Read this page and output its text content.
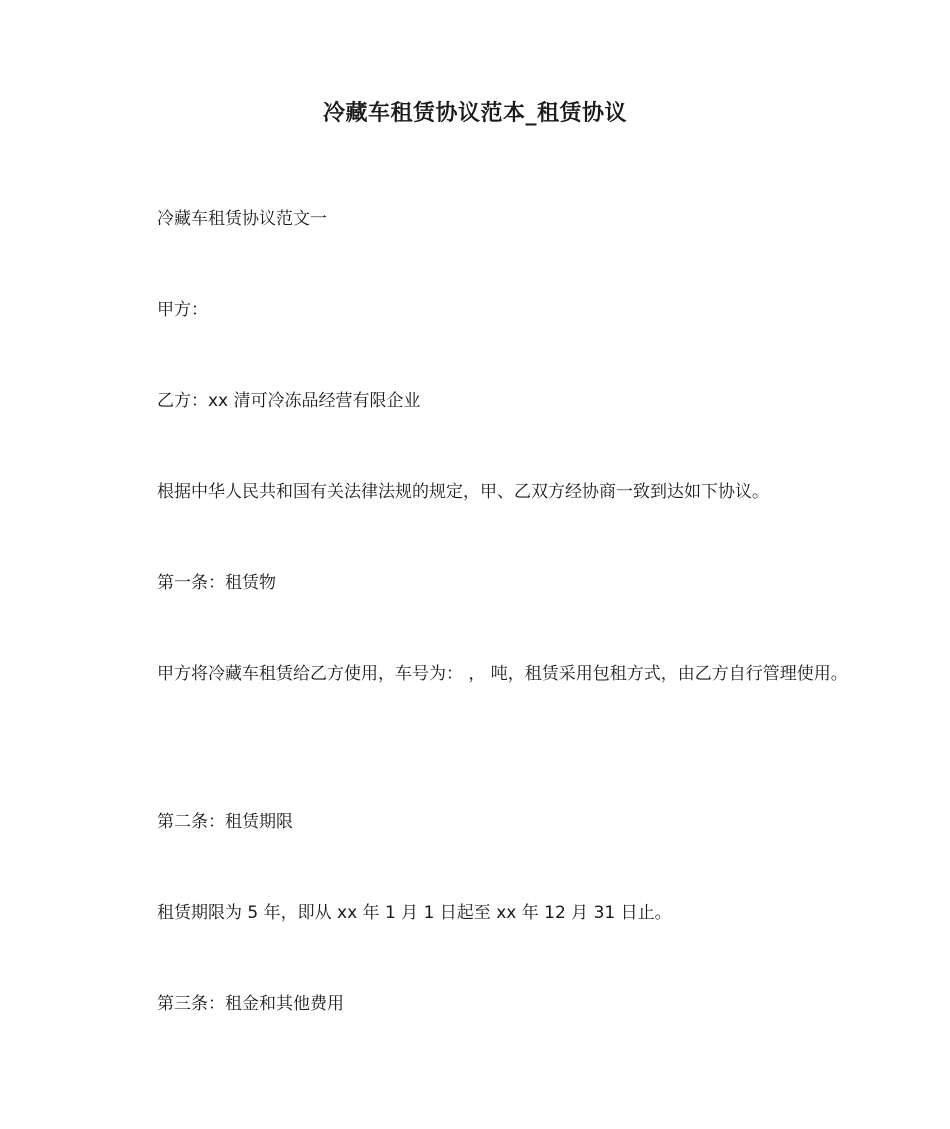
冷藏车租赁协议范本_租赁协议
冷藏车租赁协议范文一
甲方：
乙方：xx 清可冷冻品经营有限企业
根据中华人民共和国有关法律法规的规定，甲、乙双方经协商一致到达如下协议。
第一条：租赁物
甲方将冷藏车租赁给乙方使用，车号为： ， 吨，租赁采用包租方式，由乙方自行管理使用。
第二条：租赁期限
租赁期限为 5 年，即从 xx 年 1 月 1 日起至 xx 年 12 月 31 日止。
第三条：租金和其他费用
